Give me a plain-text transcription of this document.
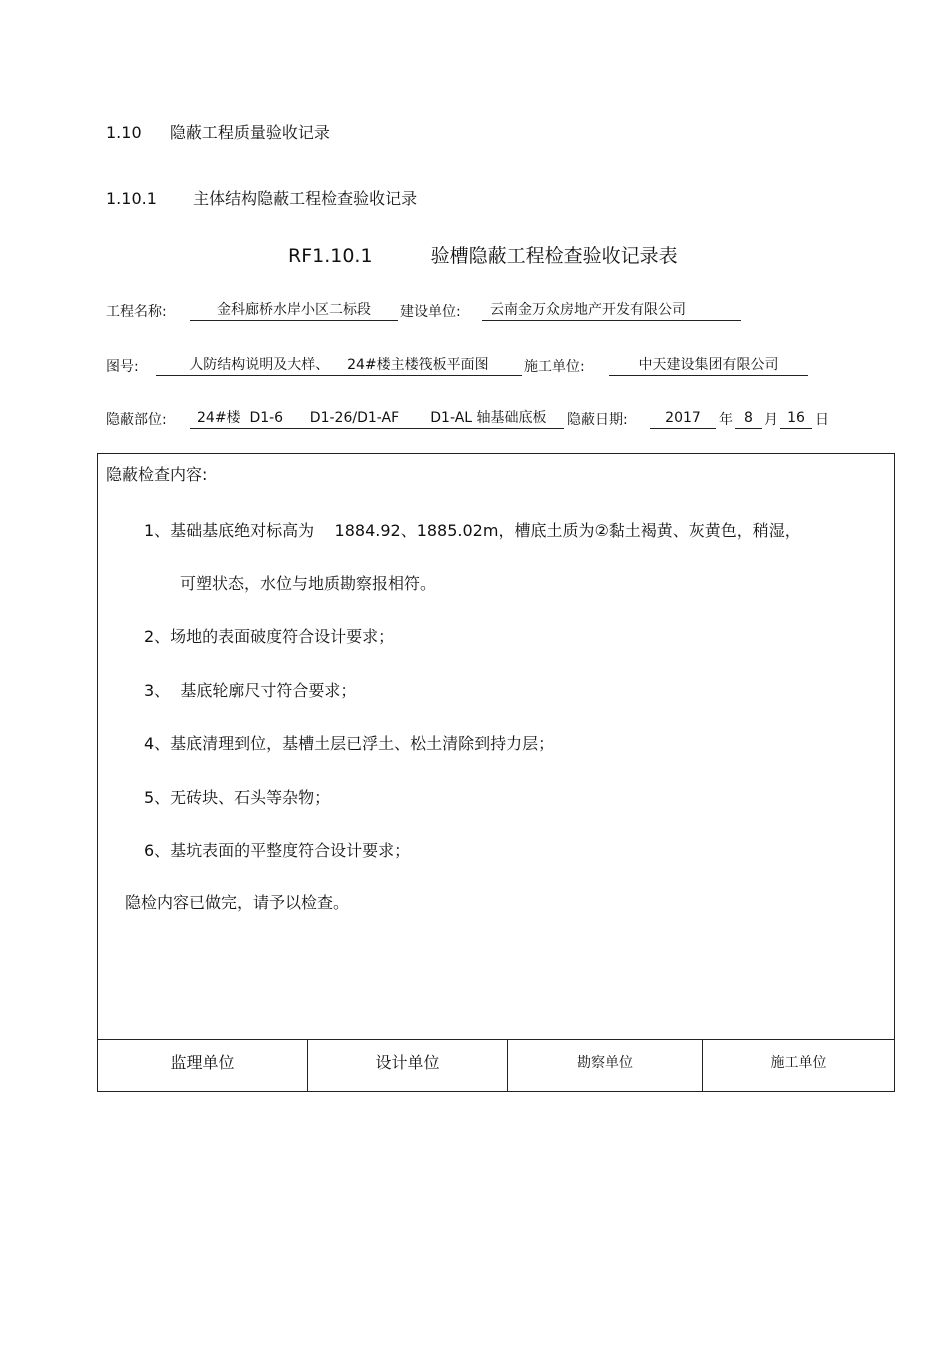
1.10 隐蔽工程质量验收记录
1.10.1 主体结构隐蔽工程检查验收记录
RF1.10.1	验槽隐蔽工程检查验收记录表
工程名称:	金科廊桥水岸小区二标段	建设单位:	云南金万众房地产开发有限公司
图号:	人防结构说明及大样、    24#楼主楼筏板平面图	施工单位:	中天建设集团有限公司
隐蔽部位:	24#楼  D1-6      D1-26/D1-AF       D1-AL 轴基础底板	隐蔽日期:	2017	年 8 月 16 日
隐蔽检查内容:
1、基础基底绝对标高为    1884.92、1885.02m，槽底土质为②黏土褐黄、灰黄色，稍湿，
可塑状态，水位与地质勘察报相符。
2、场地的表面破度符合设计要求；
3、  基底轮廓尺寸符合要求；
4、基底清理到位，基槽土层已浮土、松土清除到持力层；
5、无砖块、石头等杂物；
6、基坑表面的平整度符合设计要求；
隐检内容已做完，请予以检查。
监理单位	设计单位	勘察单位	施工单位
